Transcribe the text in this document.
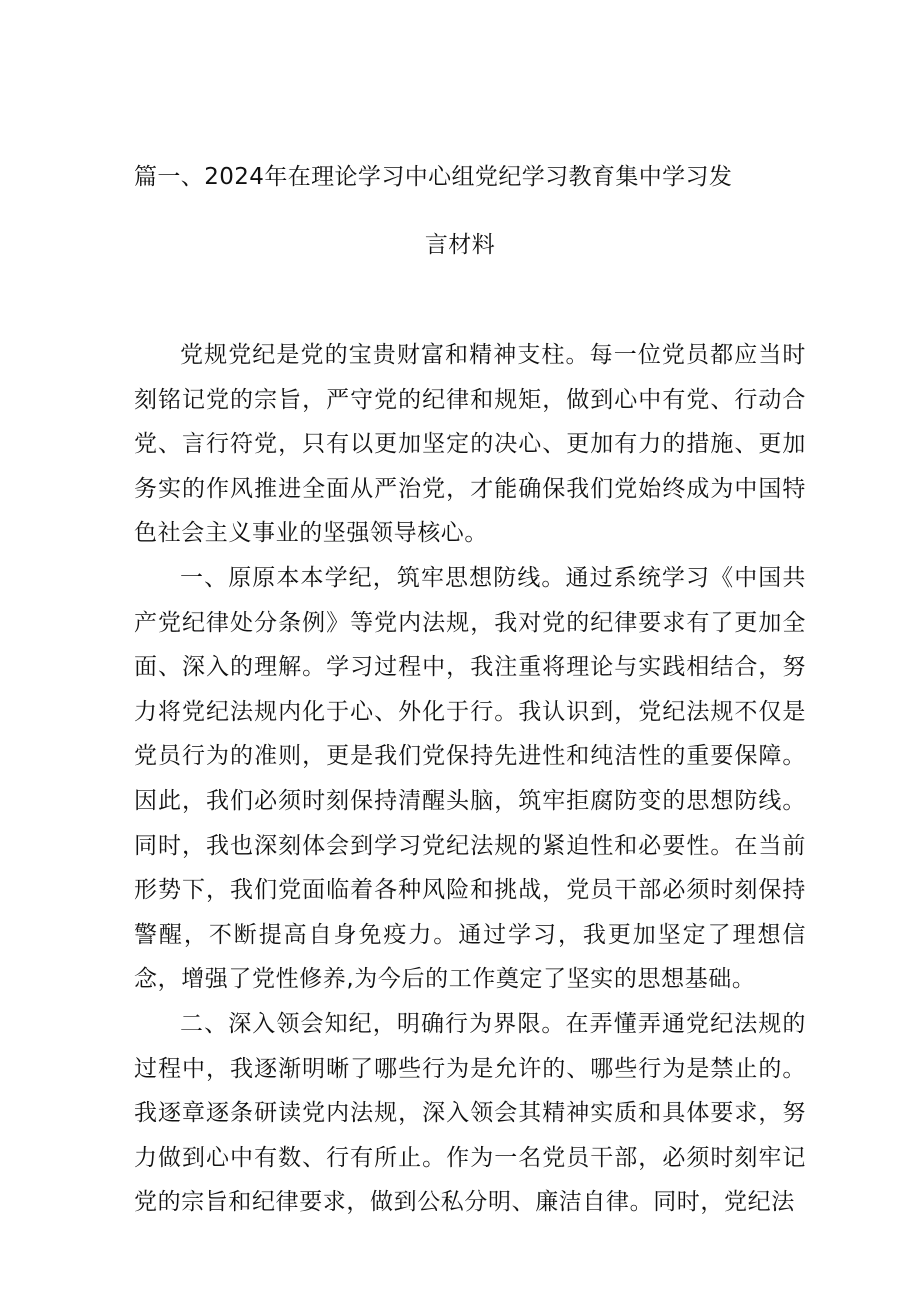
篇一、2024年在理论学习中心组党纪学习教育集中学习发
言材料

党规党纪是党的宝贵财富和精神支柱。每一位党员都应当时刻铭记党的宗旨，严守党的纪律和规矩，做到心中有党、行动合党、言行符党，只有以更加坚定的决心、更加有力的措施、更加务实的作风推进全面从严治党，才能确保我们党始终成为中国特色社会主义事业的坚强领导核心。

一、原原本本学纪，筑牢思想防线。通过系统学习《中国共产党纪律处分条例》等党内法规，我对党的纪律要求有了更加全面、深入的理解。学习过程中，我注重将理论与实践相结合，努力将党纪法规内化于心、外化于行。我认识到，党纪法规不仅是党员行为的准则，更是我们党保持先进性和纯洁性的重要保障。因此，我们必须时刻保持清醒头脑，筑牢拒腐防变的思想防线。同时，我也深刻体会到学习党纪法规的紧迫性和必要性。在当前形势下，我们党面临着各种风险和挑战，党员干部必须时刻保持警醒，不断提高自身免疫力。通过学习，我更加坚定了理想信念，增强了党性修养,为今后的工作奠定了坚实的思想基础。

二、深入领会知纪，明确行为界限。在弄懂弄通党纪法规的过程中，我逐渐明晰了哪些行为是允许的、哪些行为是禁止的。我逐章逐条研读党内法规，深入领会其精神实质和具体要求，努力做到心中有数、行有所止。作为一名党员干部，必须时刻牢记党的宗旨和纪律要求，做到公私分明、廉洁自律。同时，党纪法
